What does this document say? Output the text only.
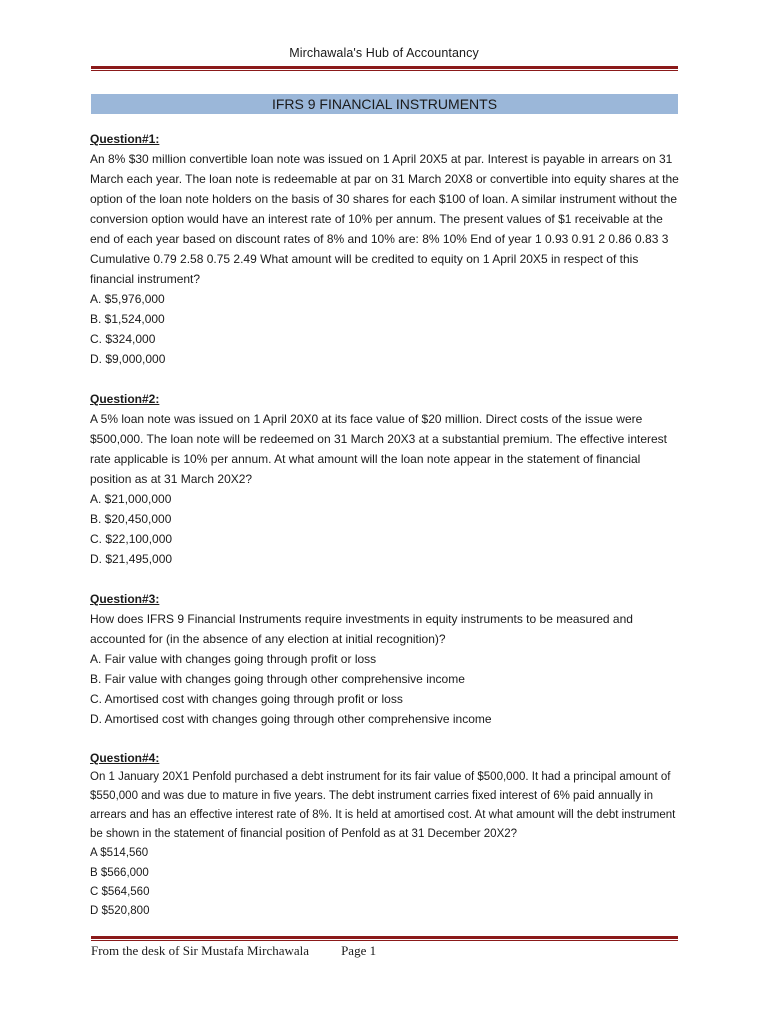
Mirchawala's Hub of Accountancy
IFRS 9 FINANCIAL INSTRUMENTS
Question#1:
An 8% $30 million convertible loan note was issued on 1 April 20X5 at par. Interest is payable in arrears on 31 March each year. The loan note is redeemable at par on 31 March 20X8 or convertible into equity shares at the option of the loan note holders on the basis of 30 shares for each $100 of loan. A similar instrument without the conversion option would have an interest rate of 10% per annum. The present values of $1 receivable at the end of each year based on discount rates of 8% and 10% are: 8% 10% End of year 1 0.93 0.91 2 0.86 0.83 3 Cumulative 0.79 2.58 0.75 2.49 What amount will be credited to equity on 1 April 20X5 in respect of this financial instrument?
A. $5,976,000
B. $1,524,000
C. $324,000
D. $9,000,000
Question#2:
A 5% loan note was issued on 1 April 20X0 at its face value of $20 million. Direct costs of the issue were $500,000. The loan note will be redeemed on 31 March 20X3 at a substantial premium. The effective interest rate applicable is 10% per annum. At what amount will the loan note appear in the statement of financial position as at 31 March 20X2?
A. $21,000,000
B. $20,450,000
C. $22,100,000
D. $21,495,000
Question#3:
How does IFRS 9 Financial Instruments require investments in equity instruments to be measured and accounted for (in the absence of any election at initial recognition)?
A. Fair value with changes going through profit or loss
B. Fair value with changes going through other comprehensive income
C. Amortised cost with changes going through profit or loss
D. Amortised cost with changes going through other comprehensive income
Question#4:
On 1 January 20X1 Penfold purchased a debt instrument for its fair value of $500,000. It had a principal amount of $550,000 and was due to mature in five years. The debt instrument carries fixed interest of 6% paid annually in arrears and has an effective interest rate of 8%. It is held at amortised cost. At what amount will the debt instrument be shown in the statement of financial position of Penfold as at 31 December 20X2?
A $514,560
B $566,000
C $564,560
D $520,800
From the desk of Sir Mustafa Mirchawala Page 1
